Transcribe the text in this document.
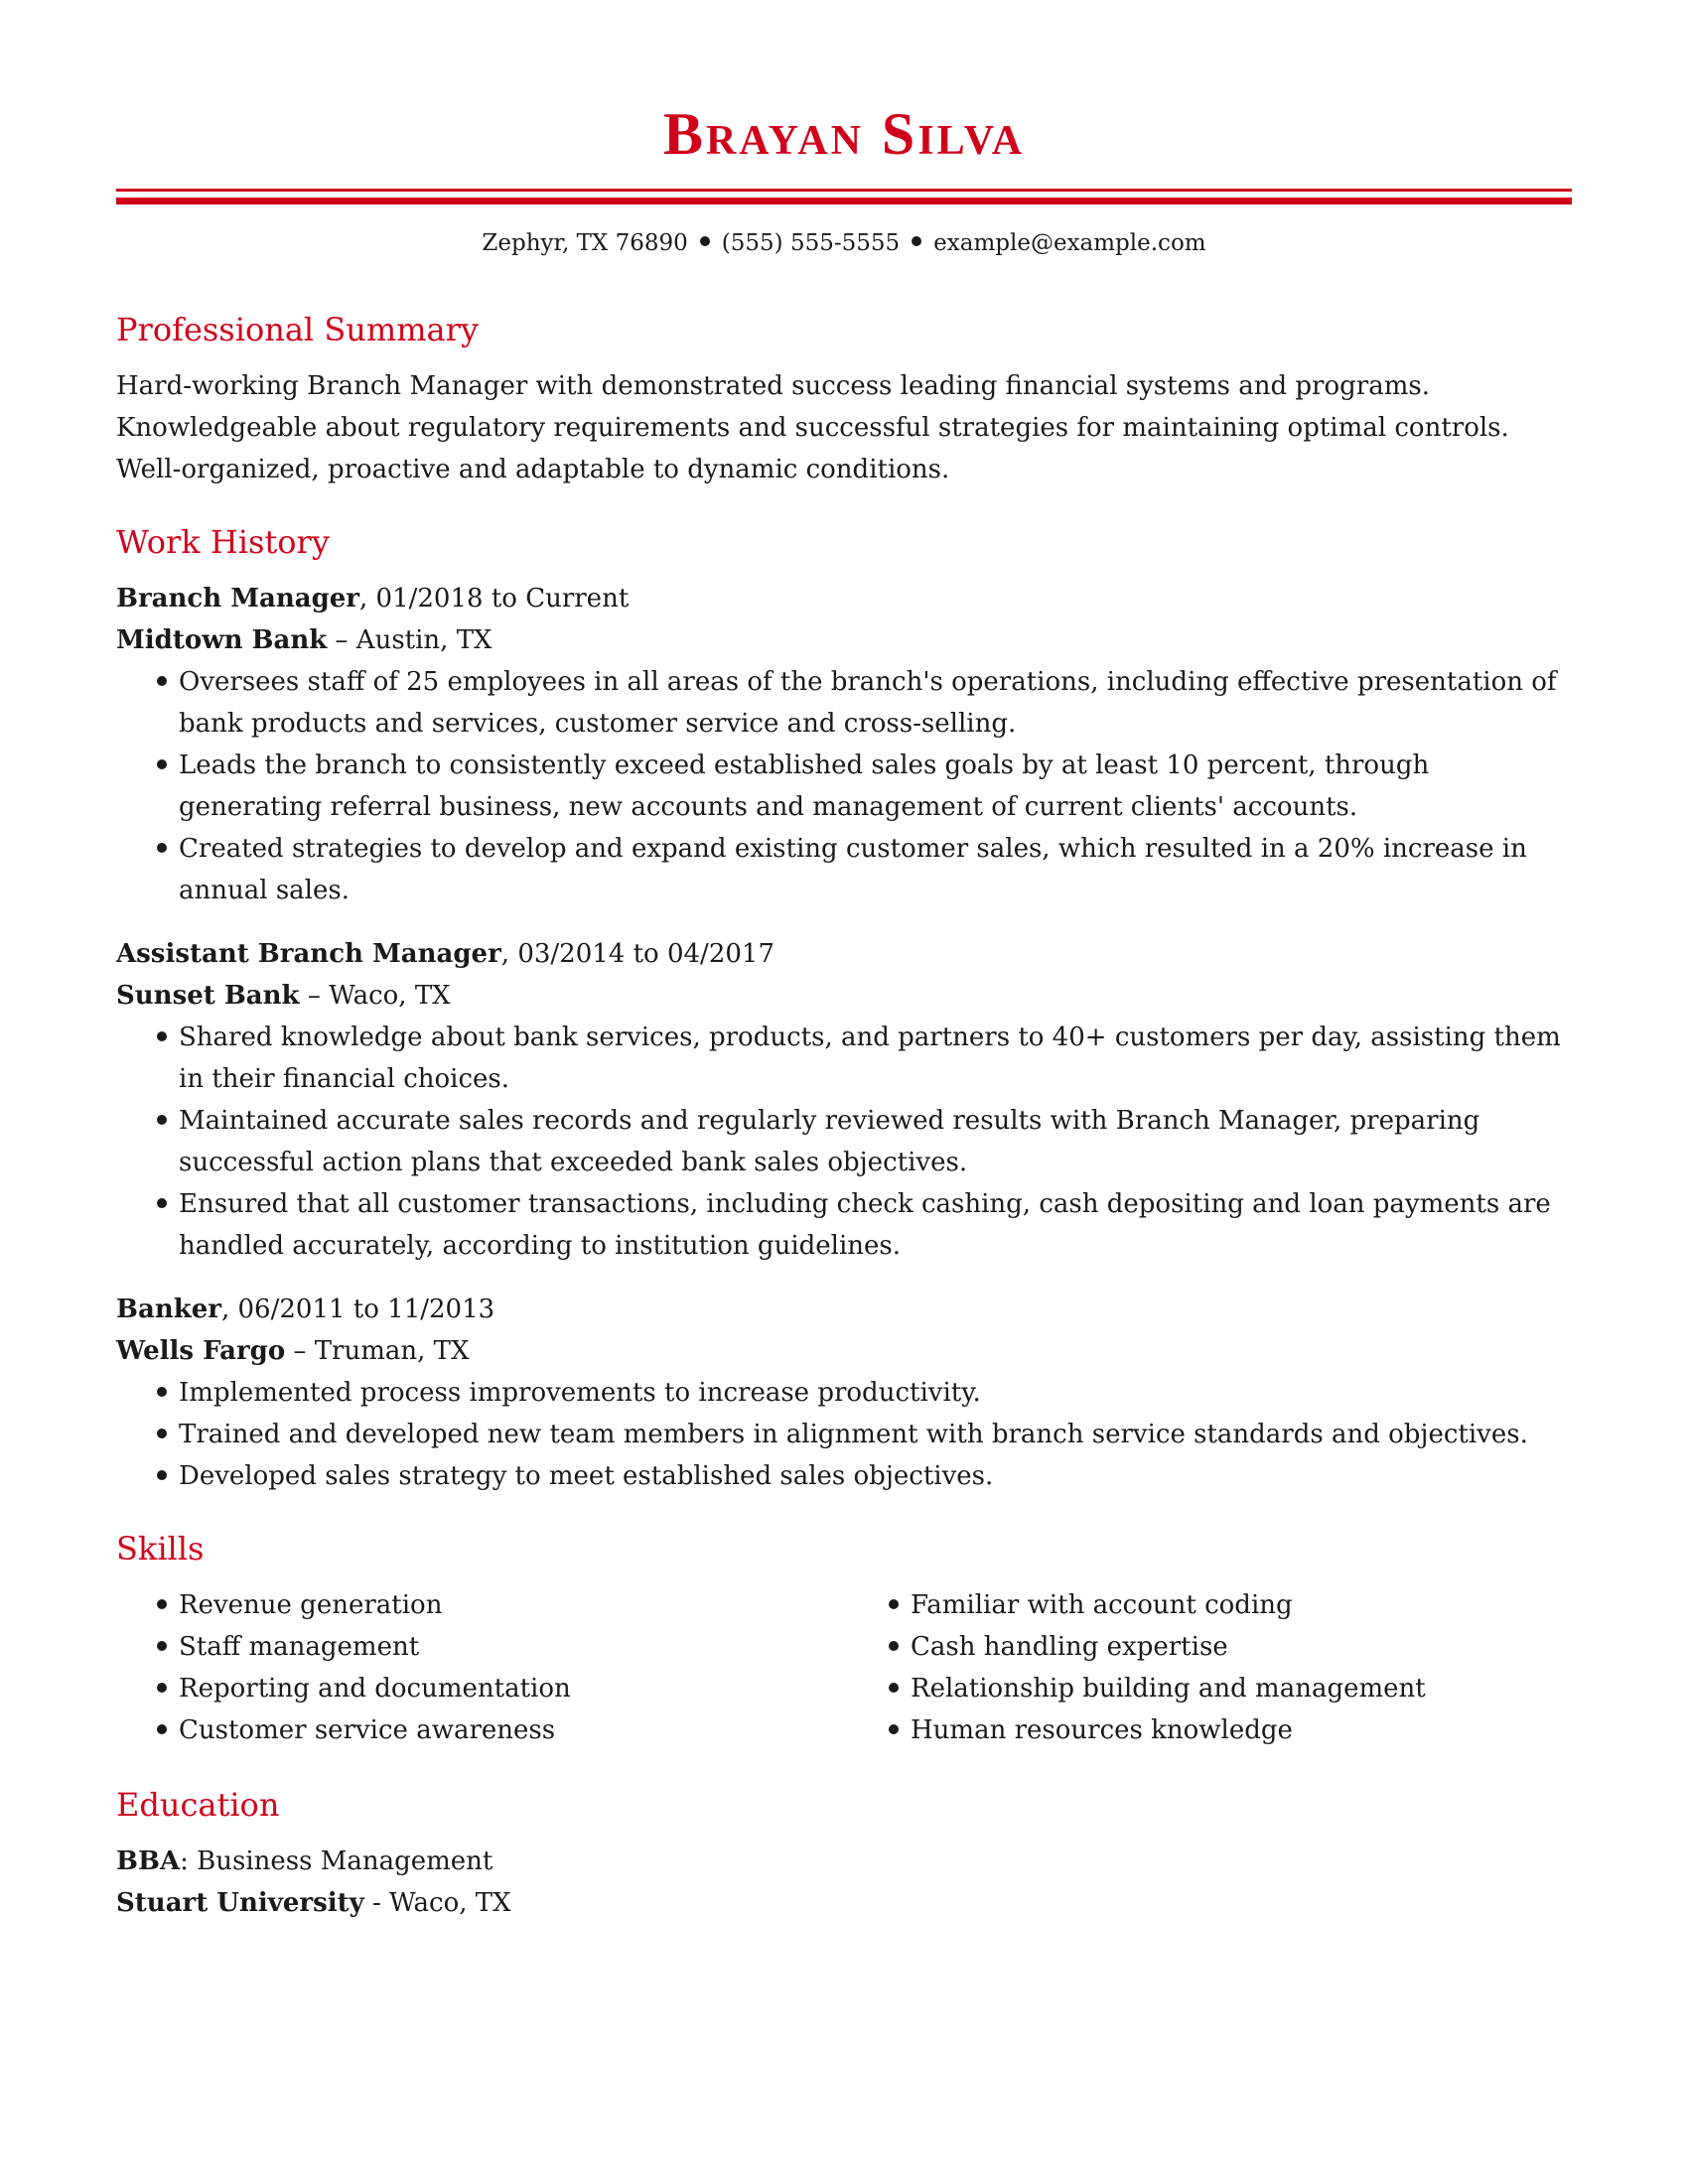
Brayan Silva
Zephyr, TX 76890 (555) 555-5555 example@example.com
Professional Summary
Hard-working Branch Manager with demonstrated success leading financial systems and programs. Knowledgeable about regulatory requirements and successful strategies for maintaining optimal controls. Well-organized, proactive and adaptable to dynamic conditions.
Work History
Branch Manager, 01/2018 to Current
Midtown Bank – Austin, TX
Oversees staff of 25 employees in all areas of the branch's operations, including effective presentation of bank products and services, customer service and cross-selling.
Leads the branch to consistently exceed established sales goals by at least 10 percent, through generating referral business, new accounts and management of current clients' accounts.
Created strategies to develop and expand existing customer sales, which resulted in a 20% increase in annual sales.
Assistant Branch Manager, 03/2014 to 04/2017
Sunset Bank – Waco, TX
Shared knowledge about bank services, products, and partners to 40+ customers per day, assisting them in their financial choices.
Maintained accurate sales records and regularly reviewed results with Branch Manager, preparing successful action plans that exceeded bank sales objectives.
Ensured that all customer transactions, including check cashing, cash depositing and loan payments are handled accurately, according to institution guidelines.
Banker, 06/2011 to 11/2013
Wells Fargo – Truman, TX
Implemented process improvements to increase productivity.
Trained and developed new team members in alignment with branch service standards and objectives.
Developed sales strategy to meet established sales objectives.
Skills
Revenue generation
Staff management
Reporting and documentation
Customer service awareness
Familiar with account coding
Cash handling expertise
Relationship building and management
Human resources knowledge
Education
BBA: Business Management
Stuart University - Waco, TX
